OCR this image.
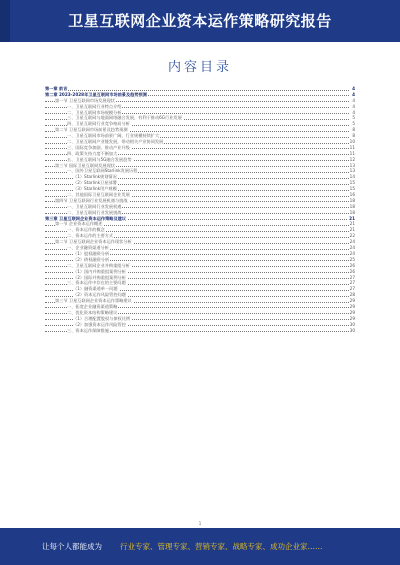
卫星互联网企业资本运作策略研究报告
内容目录
第一章 前言	4
第二章 2023-2028年卫星互联网市场前景及趋势预测	4
第一节 卫星互联网市场发展现状	4
一、卫星互联网行业特点介绍	4
二、卫星互联网市场规模分析	4
三、卫星互联网与地面网络融合发展，有利于推动6G行业发展	5
四、卫星互联网行业竞争格局分析	5
第二节 卫星互联网市场前景及趋势预测	8
一、卫星互联网市场前景广阔，行业规模持续扩大	8
二、卫星互联网产业链发展，带动相关产业协同发展	10
三、国际竞争加剧，推动产业升级	11
四、政策支持力度不断加大	11
五、卫星互联网与5G融合发展趋势	12
第三节 国际卫星互联网发展现状	13
一、国外卫星互联网Starlink发展历程	13
（1）Starlink规划情况	14
（2）Starlink卫星部署	15
（3）Starlink用户规模	15
二、其他国际卫星互联网企业发展	16
第四节 卫星互联网行业发展机遇与挑战	18
一、卫星互联网行业发展机遇	18
二、卫星互联网行业发展挑战	18
第三章 卫星互联网企业资本运作策略及建议	21
第一节 企业资本运作概述	21
一、资本运作的概念	21
二、资本运作的主要方式	22
第二节 卫星互联网企业资本运作现状分析	24
一、企业融资渠道分析	24
（1）股权融资分析	24
（2）债权融资分析	25
二、卫星互联网企业并购重组分析	26
（1）国内并购重组案例分析	26
（2）国际并购重组案例分析	27
三、资本运作中存在的主要问题	27
（1）融资渠道单一问题	27
（2）资本运作风险管控问题	28
第三节 卫星互联网企业资本运作策略建议	29
一、拓宽企业融资渠道策略	29
二、优化资本结构策略建议	29
（1）合理配置股权与债权比例	29
（2）加强资本运作风险管控	30
三、资本运作保障措施	30
1
让每个人都能成为 行业专家、管理专家、营销专家、战略专家、成功企业家……
